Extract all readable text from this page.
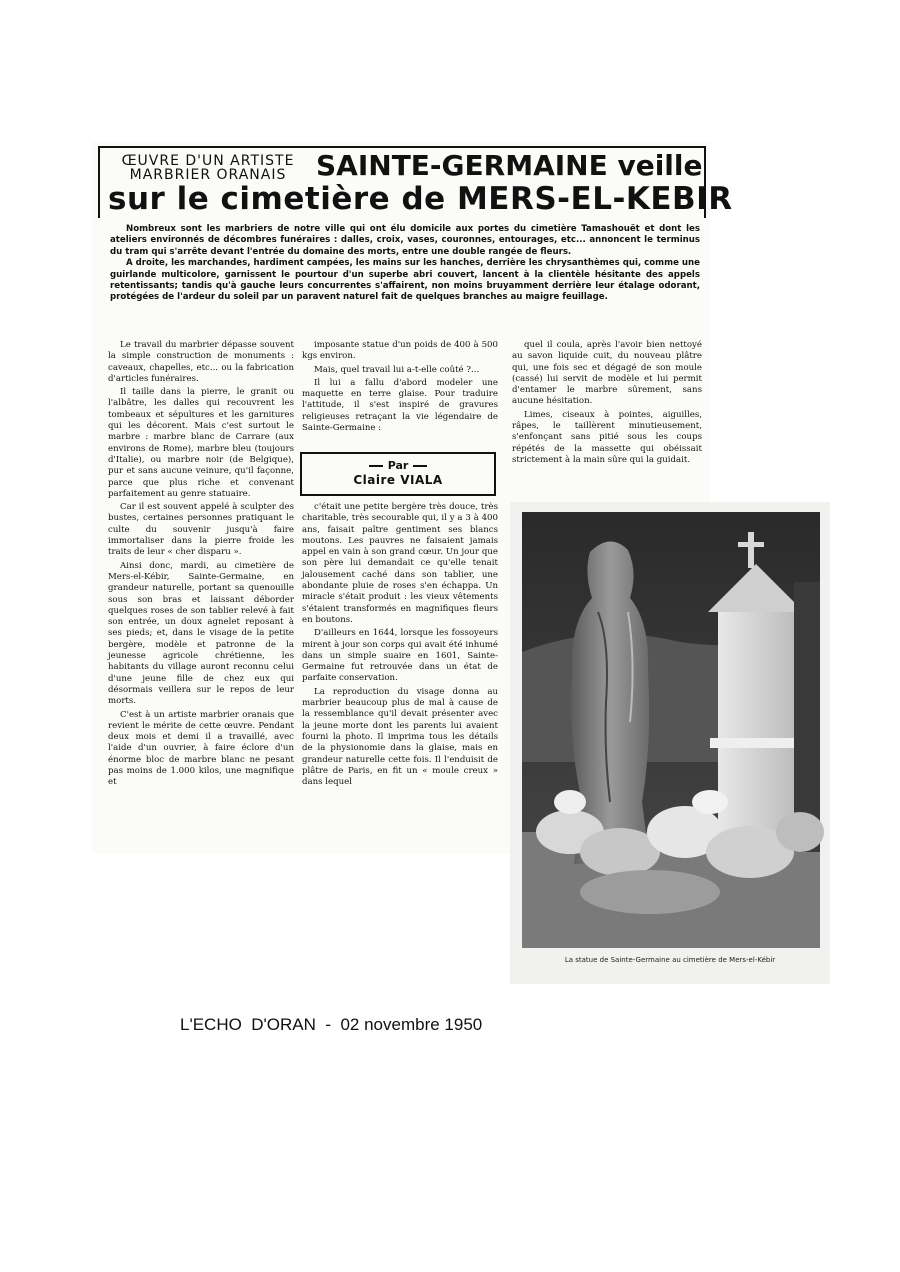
ŒUVRE D'UN ARTISTE MARBRIER ORANAIS	SAINTE-GERMAINE veille
sur le cimetière de MERS-EL-KEBIR

Nombreux sont les marbriers de notre ville qui ont élu domicile aux portes du cimetière Tamashouët et dont les ateliers environnés de décombres funéraires : dalles, croix, vases, couronnes, entourages, etc... annoncent le terminus du tram qui s'arrête devant l'entrée du domaine des morts, entre une double rangée de fleurs.

A droite, les marchandes, hardiment campées, les mains sur les hanches, derrière les chrysanthèmes qui, comme une guirlande multicolore, garnissent le pourtour d'un superbe abri couvert, lancent à la clientèle hésitante des appels retentissants; tandis qu'à gauche leurs concurrentes s'affairent, non moins bruyamment derrière leur étalage odorant, protégées de l'ardeur du soleil par un paravent naturel fait de quelques branches au maigre feuillage.

Le travail du marbrier dépasse souvent la simple construction de monuments : caveaux, chapelles, etc... ou la fabrication d'articles funéraires.

Il taille dans la pierre, le granit ou l'albâtre, les dalles qui recouvrent les tombeaux et sépultures et les garnitures qui les décorent. Mais c'est surtout le marbre : marbre blanc de Carrare (aux environs de Rome), marbre bleu (toujours d'Italie), ou marbre noir (de Belgique), pur et sans aucune veinure, qu'il façonne, parce que plus riche et convenant parfaitement au genre statuaire.

Car il est souvent appelé à sculpter des bustes, certaines personnes pratiquant le culte du souvenir jusqu'à faire immortaliser dans la pierre froide les traits de leur « cher disparu ».

Ainsi donc, mardi, au cimetière de Mers-el-Kébir, Sainte-Germaine, en grandeur naturelle, portant sa quenouille sous son bras et laissant déborder quelques roses de son tablier relevé à fait son entrée, un doux agnelet reposant à ses pieds; et, dans le visage de la petite bergère, modèle et patronne de la jeunesse agricole chrétienne, les habitants du village auront reconnu celui d'une jeune fille de chez eux qui désormais veillera sur le repos de leur morts.

C'est à un artiste marbrier oranais que revient le mérite de cette œuvre. Pendant deux mois et demi il a travaillé, avec l'aide d'un ouvrier, à faire éclore d'un énorme bloc de marbre blanc ne pesant pas moins de 1.000 kilos, une magnifique et

imposante statue d'un poids de 400 à 500 kgs environ.

Mais, quel travail lui a-t-elle coûté ?...

Il lui a fallu d'abord modeler une maquette en terre glaise. Pour traduire l'attitude, il s'est inspiré de gravures religieuses retraçant la vie légendaire de Sainte-Germaine :

Par
Claire VIALA

c'était une petite bergère très douce, très charitable, très secourable qui, il y a 3 à 400 ans, faisait paître gentiment ses blancs moutons. Les pauvres ne faisaient jamais appel en vain à son grand cœur. Un jour que son père lui demandait ce qu'elle tenait jalousement caché dans son tablier, une abondante pluie de roses s'en échappa. Un miracle s'était produit : les vieux vêtements s'étaient transformés en magnifiques fleurs en boutons.

D'ailleurs en 1644, lorsque les fossoyeurs mirent à jour son corps qui avait été inhumé dans un simple suaire en 1601, Sainte-Germaine fut retrouvée dans un état de parfaite conservation.

La reproduction du visage donna au marbrier beaucoup plus de mal à cause de la ressemblance qu'il devait présenter avec la jeune morte dont les parents lui avaient fourni la photo. Il imprima tous les détails de la physionomie dans la glaise, mais en grandeur naturelle cette fois. Il l'enduisit de plâtre de Paris, en fit un « moule creux » dans lequel

quel il coula, après l'avoir bien nettoyé au savon liquide cuit, du nouveau plâtre qui, une fois sec et dégagé de son moule (cassé) lui servit de modèle et lui permit d'entamer le marbre sûrement, sans aucune hésitation.

Limes, ciseaux à pointes, aiguilles, râpes, le taillèrent minutieusement, s'enfonçant sans pitié sous les coups répétés de la massette qui obéissait strictement à la main sûre qui la guidait.

La statue de Sainte-Germaine au cimetière de Mers-el-Kébir
L'ECHO  D'ORAN  -  02 novembre 1950
